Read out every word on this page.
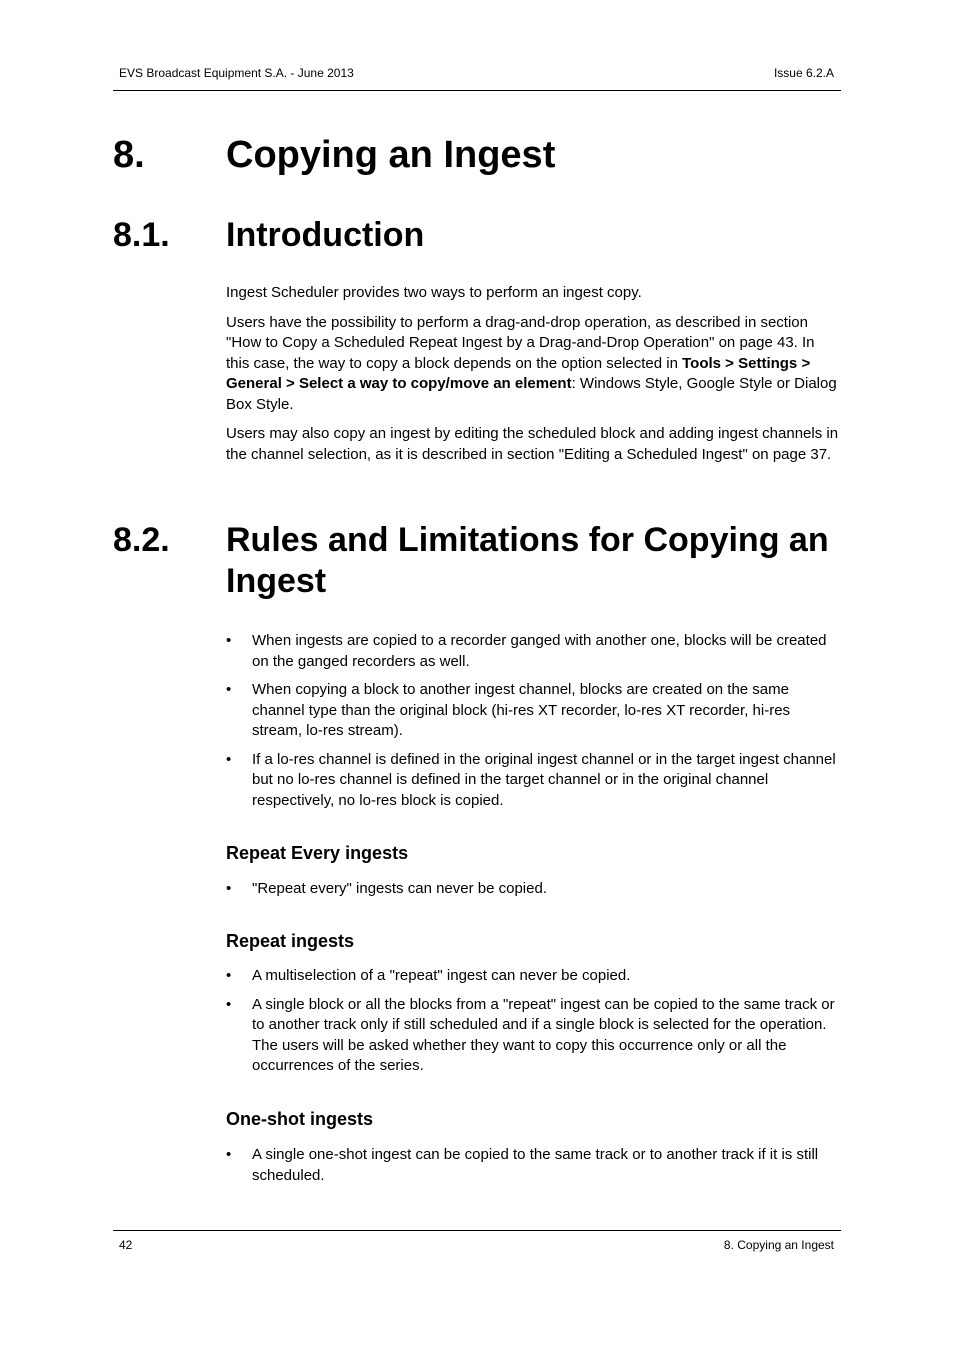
EVS Broadcast Equipment S.A. - June 2013	Issue 6.2.A
8. Copying an Ingest
8.1. Introduction

Ingest Scheduler provides two ways to perform an ingest copy.

Users have the possibility to perform a drag-and-drop operation, as described in section "How to Copy a Scheduled Repeat Ingest by a Drag-and-Drop Operation" on page 43. In this case, the way to copy a block depends on the option selected in Tools > Settings > General > Select a way to copy/move an element: Windows Style, Google Style or Dialog Box Style.

Users may also copy an ingest by editing the scheduled block and adding ingest channels in the channel selection, as it is described in section "Editing a Scheduled Ingest" on page 37.

8.2. Rules and Limitations for Copying an
Ingest
• When ingests are copied to a recorder ganged with another one, blocks will be created on the ganged recorders as well.
• When copying a block to another ingest channel, blocks are created on the same channel type than the original block (hi-res XT recorder, lo-res XT recorder, hi-res stream, lo-res stream).
• If a lo-res channel is defined in the original ingest channel or in the target ingest channel but no lo-res channel is defined in the target channel or in the original channel respectively, no lo-res block is copied.
Repeat Every ingests
• "Repeat every" ingests can never be copied.
Repeat ingests
• A multiselection of a "repeat" ingest can never be copied.
• A single block or all the blocks from a "repeat" ingest can be copied to the same track or to another track only if still scheduled and if a single block is selected for the operation. The users will be asked whether they want to copy this occurrence only or all the occurrences of the series.
One-shot ingests
• A single one-shot ingest can be copied to the same track or to another track if it is still scheduled.
42	8. Copying an Ingest
